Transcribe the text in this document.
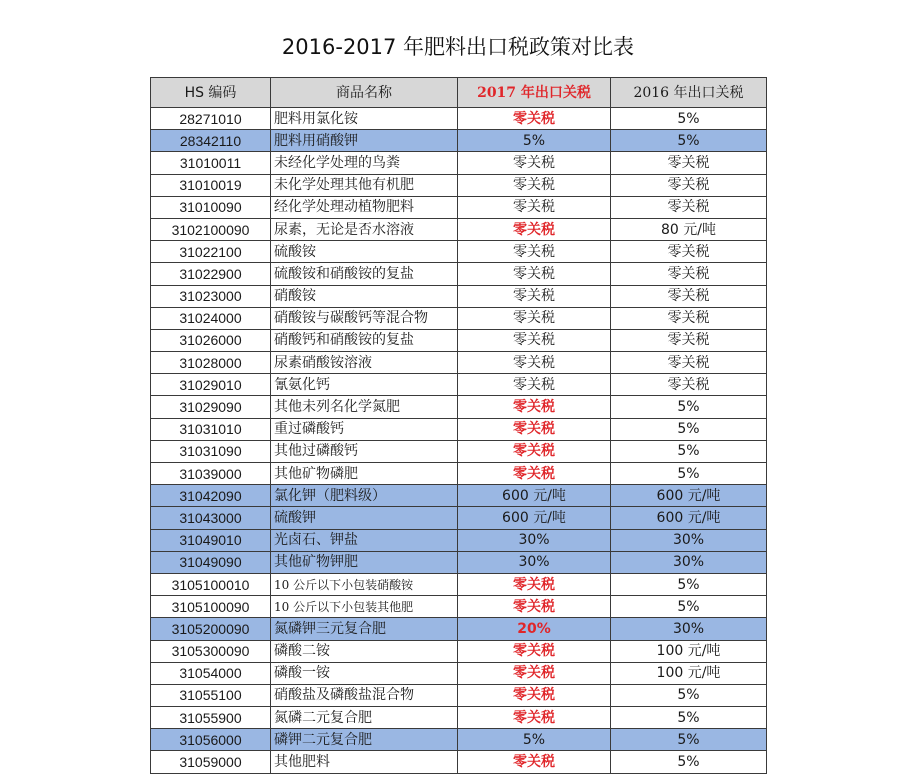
2016-2017 年肥料出口税政策对比表
HS 编码	商品名称	2017 年出口关税	2016 年出口关税
28271010	肥料用氯化铵	零关税	5%
28342110	肥料用硝酸钾	5%	5%
31010011	未经化学处理的鸟粪	零关税	零关税
31010019	未化学处理其他有机肥	零关税	零关税
31010090	经化学处理动植物肥料	零关税	零关税
3102100090	尿素，无论是否水溶液	零关税	80 元/吨
31022100	硫酸铵	零关税	零关税
31022900	硫酸铵和硝酸铵的复盐	零关税	零关税
31023000	硝酸铵	零关税	零关税
31024000	硝酸铵与碳酸钙等混合物	零关税	零关税
31026000	硝酸钙和硝酸铵的复盐	零关税	零关税
31028000	尿素硝酸铵溶液	零关税	零关税
31029010	氰氨化钙	零关税	零关税
31029090	其他未列名化学氮肥	零关税	5%
31031010	重过磷酸钙	零关税	5%
31031090	其他过磷酸钙	零关税	5%
31039000	其他矿物磷肥	零关税	5%
31042090	氯化钾（肥料级）	600 元/吨	600 元/吨
31043000	硫酸钾	600 元/吨	600 元/吨
31049010	光卤石、钾盐	30%	30%
31049090	其他矿物钾肥	30%	30%
3105100010	10 公斤以下小包装硝酸铵	零关税	5%
3105100090	10 公斤以下小包装其他肥	零关税	5%
3105200090	氮磷钾三元复合肥	20%	30%
3105300090	磷酸二铵	零关税	100 元/吨
31054000	磷酸一铵	零关税	100 元/吨
31055100	硝酸盐及磷酸盐混合物	零关税	5%
31055900	氮磷二元复合肥	零关税	5%
31056000	磷钾二元复合肥	5%	5%
31059000	其他肥料	零关税	5%
